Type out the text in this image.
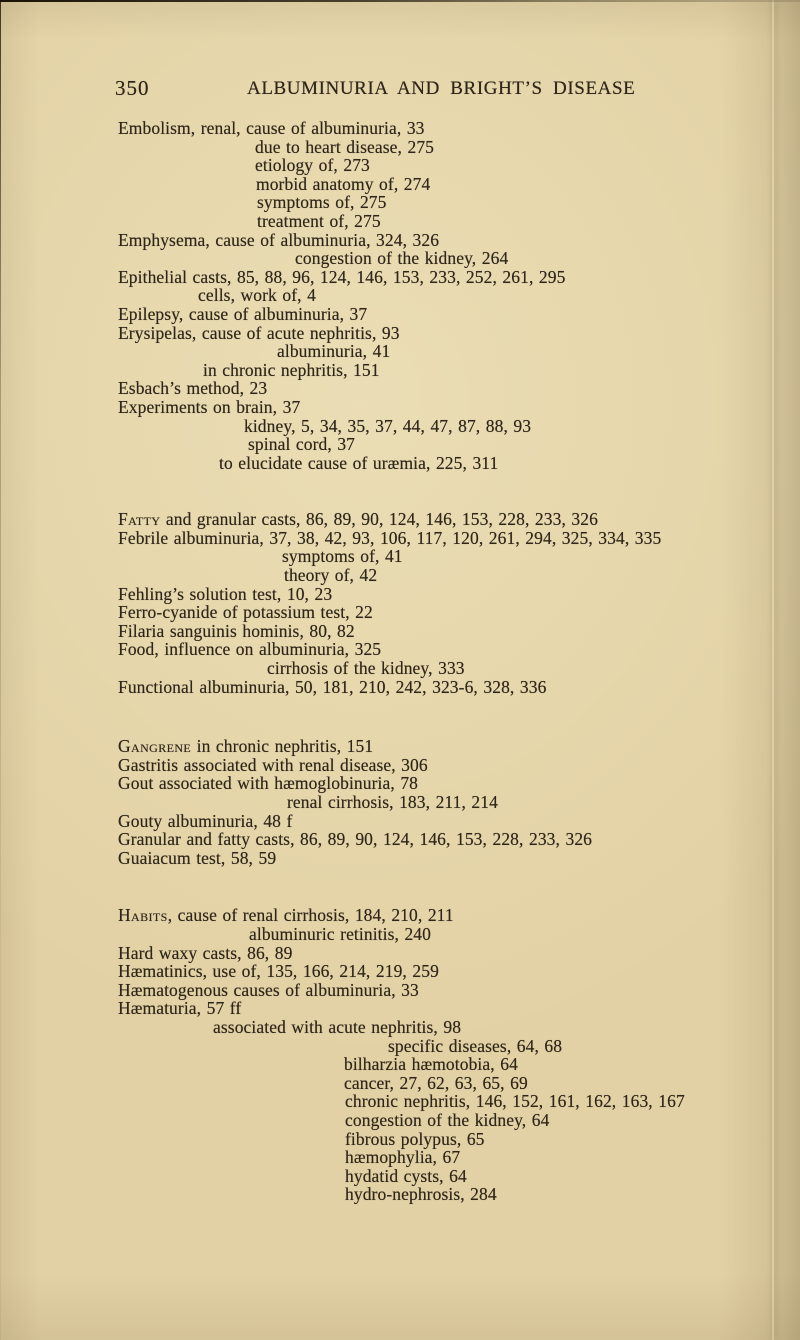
350	ALBUMINURIA AND BRIGHT’S DISEASE
Embolism, renal, cause of albuminuria, 33
due to heart disease, 275
etiology of, 273
morbid anatomy of, 274
symptoms of, 275
treatment of, 275
Emphysema, cause of albuminuria, 324, 326
congestion of the kidney, 264
Epithelial casts, 85, 88, 96, 124, 146, 153, 233, 252, 261, 295
cells, work of, 4
Epilepsy, cause of albuminuria, 37
Erysipelas, cause of acute nephritis, 93
albuminuria, 41
in chronic nephritis, 151
Esbach’s method, 23
Experiments on brain, 37
kidney, 5, 34, 35, 37, 44, 47, 87, 88, 93
spinal cord, 37
to elucidate cause of uræmia, 225, 311
Fatty and granular casts, 86, 89, 90, 124, 146, 153, 228, 233, 326
Febrile albuminuria, 37, 38, 42, 93, 106, 117, 120, 261, 294, 325, 334, 335
symptoms of, 41
theory of, 42
Fehling’s solution test, 10, 23
Ferro-cyanide of potassium test, 22
Filaria sanguinis hominis, 80, 82
Food, influence on albuminuria, 325
cirrhosis of the kidney, 333
Functional albuminuria, 50, 181, 210, 242, 323-6, 328, 336
Gangrene in chronic nephritis, 151
Gastritis associated with renal disease, 306
Gout associated with hæmoglobinuria, 78
renal cirrhosis, 183, 211, 214
Gouty albuminuria, 48 f
Granular and fatty casts, 86, 89, 90, 124, 146, 153, 228, 233, 326
Guaiacum test, 58, 59
Habits, cause of renal cirrhosis, 184, 210, 211
albuminuric retinitis, 240
Hard waxy casts, 86, 89
Hæmatinics, use of, 135, 166, 214, 219, 259
Hæmatogenous causes of albuminuria, 33
Hæmaturia, 57 ff
associated with acute nephritis, 98
specific diseases, 64, 68
bilharzia hæmotobia, 64
cancer, 27, 62, 63, 65, 69
chronic nephritis, 146, 152, 161, 162, 163, 167
congestion of the kidney, 64
fibrous polypus, 65
hæmophylia, 67
hydatid cysts, 64
hydro-nephrosis, 284
